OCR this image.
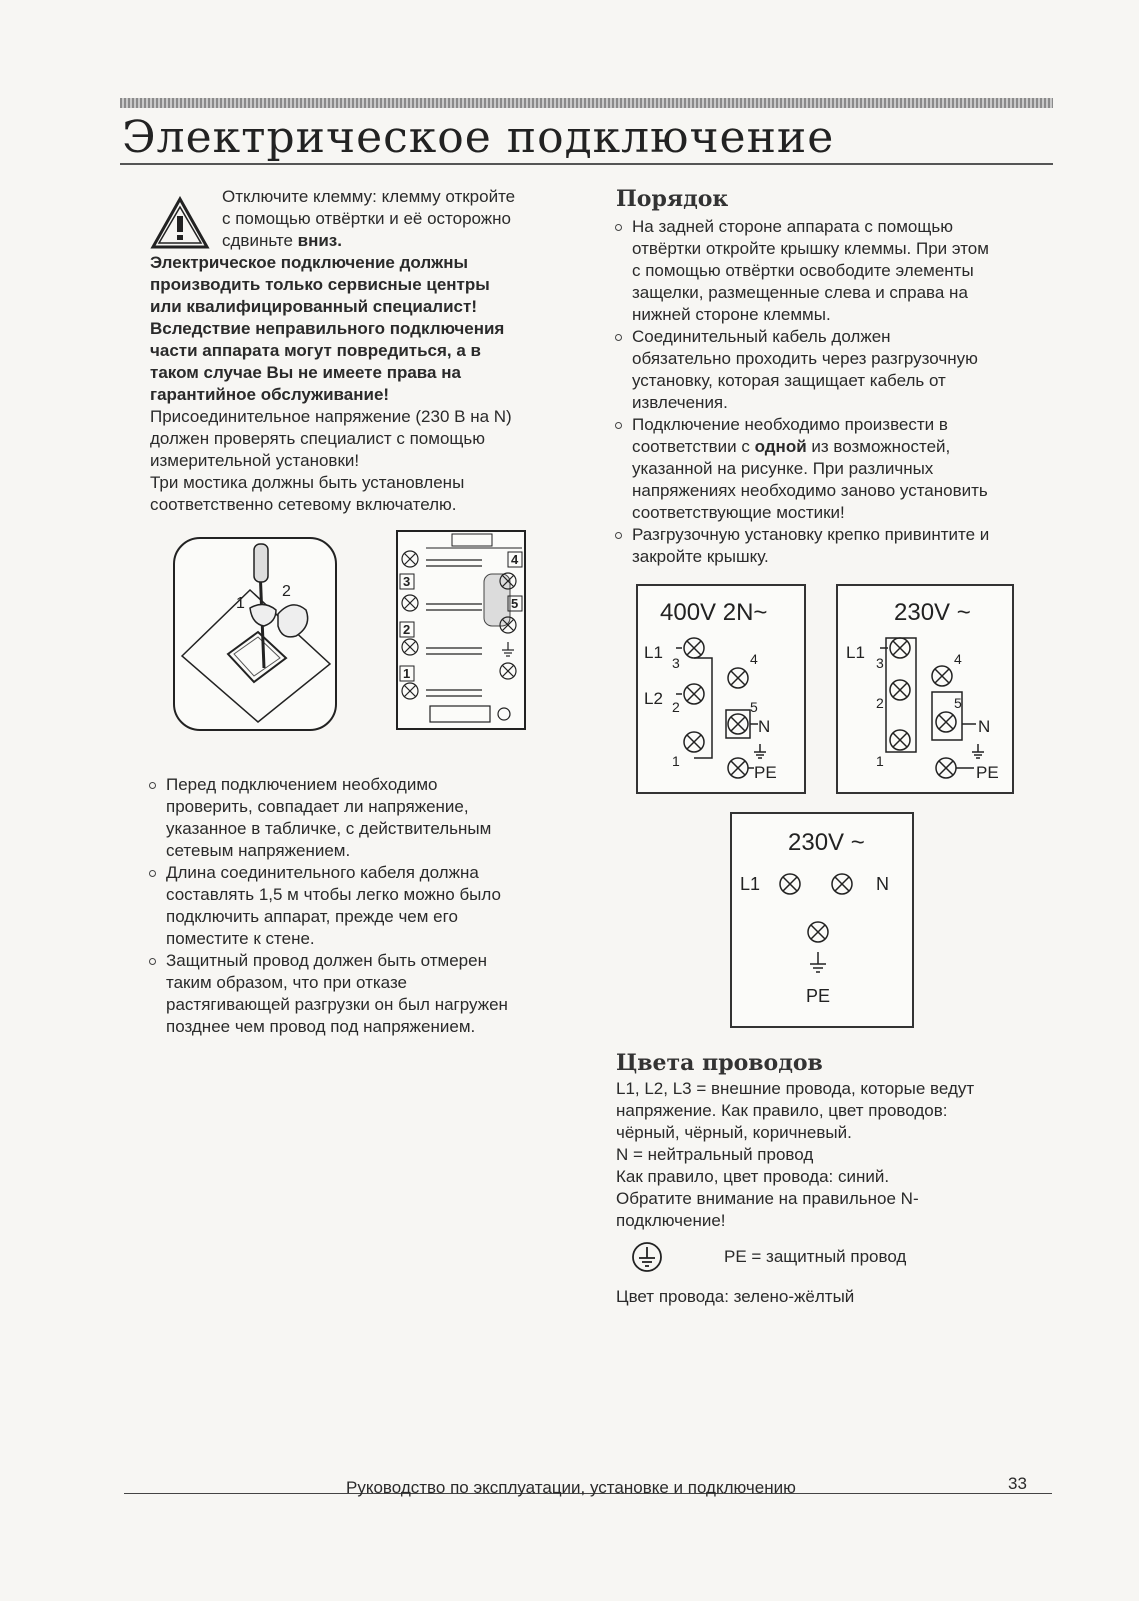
Электрическое подключение
Отключите клемму: клемму откройте
с помощью отвёртки и её осторожно
сдвиньте вниз.
Электрическое подключение должны
производить только сервисные центры
или квалифицированный специалист!
Вследствие неправильного подключения
части аппарата могут повредиться, а в
таком случае Вы не имеете права на
гарантийное обслуживание!
Присоединительное напряжение (230 В на N)
должен проверять специалист с помощью
измерительной установки!
Три мостика должны быть установлены
соответственно сетевому включателю.
1
2
4
3
5
2
1
Перед подключением необходимо
проверить, совпадает ли напряжение,
указанное в табличке, с действительным
сетевым напряжением.
Длина соединительного кабеля должна
составлять 1,5 м чтобы легко можно было
подключить аппарат, прежде чем его
поместите к стене.
Защитный провод должен быть отмерен
таким образом, что при отказе
растягивающей разгрузки он был нагружен
позднее чем провод под напряжением.
Порядок
На задней стороне аппарата с помощью
отвёртки откройте крышку клеммы. При этом
с помощью отвёртки освободите элементы
защелки, размещенные слева и справа на
нижней стороне клеммы.
Соединительный кабель должен
обязательно проходить через разгрузочную
установку, которая защищает кабель от
извлечения.
Подключение необходимо произвести в
соответствии с одной из возможностей,
указанной на рисунке. При различных
напряжениях необходимо заново установить
соответствующие мостики!
Разгрузочную установку крепко привинтите и
закройте крышку.
400V 2N~
L1
L2
3
2
1
4
5
N
PE
230V ~
L1
3
2
1
4
5
N
PE
230V ~
L1	N
PE
Цвета проводов
L1, L2, L3 = внешние провода, которые ведут
напряжение. Как правило, цвет проводов:
чёрный, чёрный, коричневый.
N = нейтральный провод
Как правило, цвет провода: синий.
Обратите внимание на правильное N-
подключение!
PE = защитный провод
Цвет провода: зелено-жёлтый
Руководство по эксплуатации, установке и подключению	33
